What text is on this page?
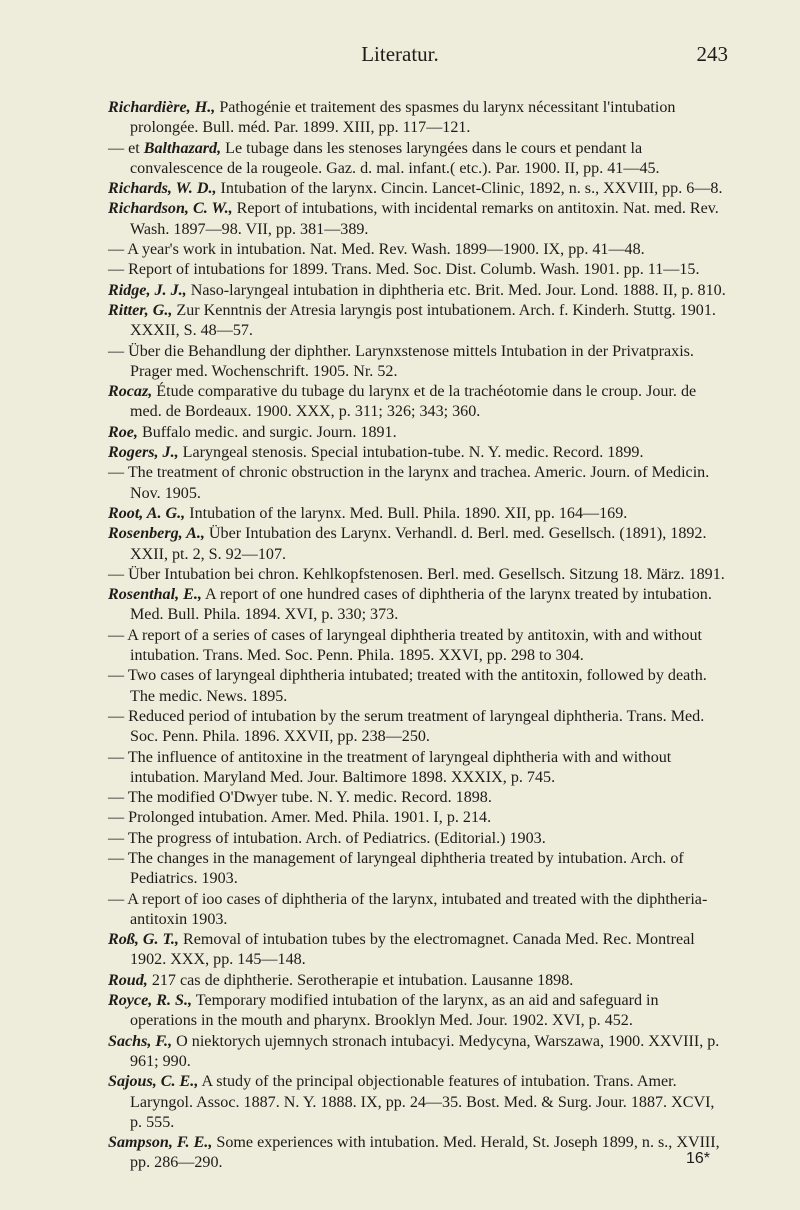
Literatur.	243

Richardière, H., Pathogénie et traitement des spasmes du larynx nécessitant l'intubation prolongée. Bull. méd. Par. 1899. XIII, pp. 117—121.

— et Balthazard, Le tubage dans les stenoses laryngées dans le cours et pendant la convalescence de la rougeole. Gaz. d. mal. infant.( etc.). Par. 1900. II, pp. 41—45.

Richards, W. D., Intubation of the larynx. Cincin. Lancet-Clinic, 1892, n. s., XXVIII, pp. 6—8.

Richardson, C. W., Report of intubations, with incidental remarks on antitoxin. Nat. med. Rev. Wash. 1897—98. VII, pp. 381—389.

— A year's work in intubation. Nat. Med. Rev. Wash. 1899—1900. IX, pp. 41—48.

— Report of intubations for 1899. Trans. Med. Soc. Dist. Columb. Wash. 1901. pp. 11—15.

Ridge, J. J., Naso-laryngeal intubation in diphtheria etc. Brit. Med. Jour. Lond. 1888. II, p. 810.

Ritter, G., Zur Kenntnis der Atresia laryngis post intubationem. Arch. f. Kinderh. Stuttg. 1901. XXXII, S. 48—57.

— Über die Behandlung der diphther. Larynxstenose mittels Intubation in der Privatpraxis. Prager med. Wochenschrift. 1905. Nr. 52.

Rocaz, Étude comparative du tubage du larynx et de la trachéotomie dans le croup. Jour. de med. de Bordeaux. 1900. XXX, p. 311; 326; 343; 360.

Roe, Buffalo medic. and surgic. Journ. 1891.

Rogers, J., Laryngeal stenosis. Special intubation-tube. N. Y. medic. Record. 1899.

— The treatment of chronic obstruction in the larynx and trachea. Americ. Journ. of Medicin. Nov. 1905.

Root, A. G., Intubation of the larynx. Med. Bull. Phila. 1890. XII, pp. 164—169.

Rosenberg, A., Über Intubation des Larynx. Verhandl. d. Berl. med. Gesellsch. (1891), 1892. XXII, pt. 2, S. 92—107.

— Über Intubation bei chron. Kehlkopfstenosen. Berl. med. Gesellsch. Sitzung 18. März. 1891.

Rosenthal, E., A report of one hundred cases of diphtheria of the larynx treated by intubation. Med. Bull. Phila. 1894. XVI, p. 330; 373.

— A report of a series of cases of laryngeal diphtheria treated by antitoxin, with and without intubation. Trans. Med. Soc. Penn. Phila. 1895. XXVI, pp. 298 to 304.

— Two cases of laryngeal diphtheria intubated; treated with the antitoxin, followed by death. The medic. News. 1895.

— Reduced period of intubation by the serum treatment of laryngeal diphtheria. Trans. Med. Soc. Penn. Phila. 1896. XXVII, pp. 238—250.

— The influence of antitoxine in the treatment of laryngeal diphtheria with and without intubation. Maryland Med. Jour. Baltimore 1898. XXXIX, p. 745.

— The modified O'Dwyer tube. N. Y. medic. Record. 1898.

— Prolonged intubation. Amer. Med. Phila. 1901. I, p. 214.

— The progress of intubation. Arch. of Pediatrics. (Editorial.) 1903.

— The changes in the management of laryngeal diphtheria treated by intubation. Arch. of Pediatrics. 1903.

— A report of ioo cases of diphtheria of the larynx, intubated and treated with the diphtheria-antitoxin 1903.

Roß, G. T., Removal of intubation tubes by the electromagnet. Canada Med. Rec. Montreal 1902. XXX, pp. 145—148.

Roud, 217 cas de diphtherie. Serotherapie et intubation. Lausanne 1898.

Royce, R. S., Temporary modified intubation of the larynx, as an aid and safeguard in operations in the mouth and pharynx. Brooklyn Med. Jour. 1902. XVI, p. 452.

Sachs, F., O niektorych ujemnych stronach intubacyi. Medycyna, Warszawa, 1900. XXVIII, p. 961; 990.

Sajous, C. E., A study of the principal objectionable features of intubation. Trans. Amer. Laryngol. Assoc. 1887. N. Y. 1888. IX, pp. 24—35. Bost. Med. & Surg. Jour. 1887. XCVI, p. 555.

Sampson, F. E., Some experiences with intubation. Med. Herald, St. Joseph 1899, n. s., XVIII, pp. 286—290.	16*
